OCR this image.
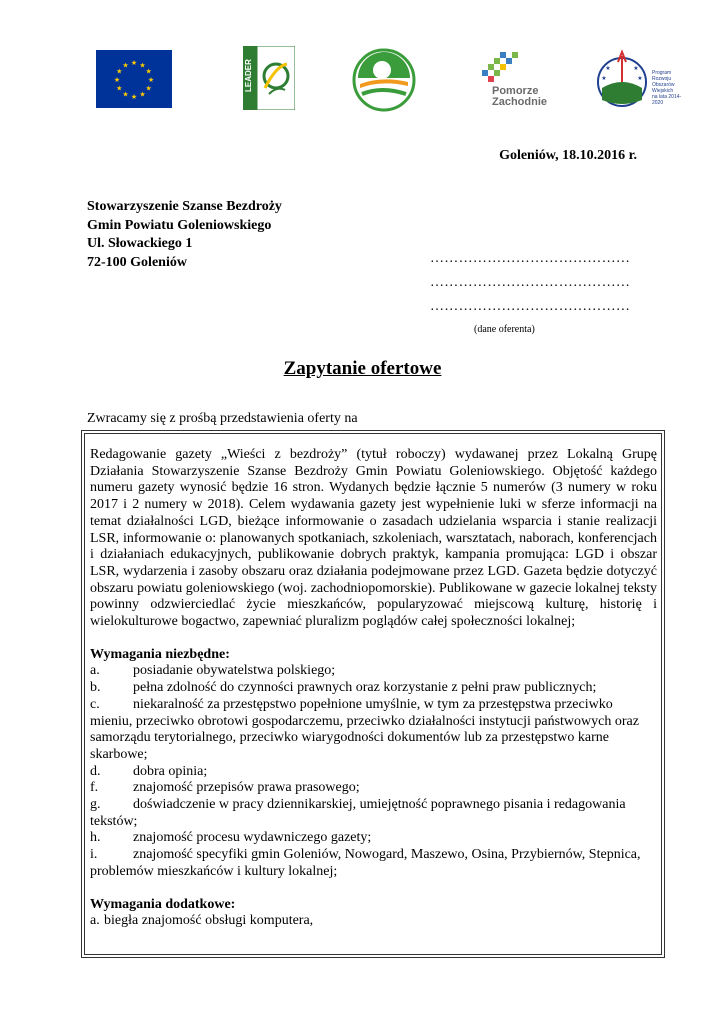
★ ★
★
★
★
★
★
★
★
★
★
★	LEADER	Pomorze
Zachodnie
★	★
★	★
Program
Rozwoju
Obszarów
Wiejskich
na lata 2014-2020
Goleniów, 18.10.2016 r.
Stowarzyszenie Szanse Bezdroży
Gmin Powiatu Goleniowskiego
Ul. Słowackiego 1
72-100 Goleniów	……………………………………
……………………………………
……………………………………
(dane oferenta)
Zapytanie ofertowe
Zwracamy się z prośbą przedstawienia oferty na

Redagowanie gazety „Wieści z bezdroży” (tytuł roboczy) wydawanej przez Lokalną Grupę Działania Stowarzyszenie Szanse Bezdroży Gmin Powiatu Goleniowskiego. Objętość każdego numeru gazety wynosić będzie 16 stron. Wydanych będzie łącznie 5 numerów (3 numery w roku 2017 i 2 numery w 2018). Celem wydawania gazety jest wypełnienie luki w sferze informacji na temat działalności LGD, bieżące informowanie o zasadach udzielania wsparcia i stanie realizacji LSR, informowanie o: planowanych spotkaniach, szkoleniach, warsztatach, naborach, konferencjach i działaniach edukacyjnych, publikowanie dobrych praktyk, kampania promująca: LGD i obszar LSR, wydarzenia i zasoby obszaru oraz działania podejmowane przez LGD. Gazeta będzie dotyczyć obszaru powiatu goleniowskiego (woj. zachodniopomorskie). Publikowane w gazecie lokalnej teksty powinny odzwierciedlać życie mieszkańców, popularyzować miejscową kulturę, historię i wielokulturowe bogactwo, zapewniać pluralizm poglądów całej społeczności lokalnej;

Wymagania niezbędne:
a.	posiadanie obywatelstwa polskiego;
b.	pełna zdolność do czynności prawnych oraz korzystanie z pełni praw publicznych;
c. niekaralność za przestępstwo popełnione umyślnie, w tym za przestępstwa przeciwko mieniu, przeciwko obrotowi gospodarczemu, przeciwko działalności instytucji państwowych oraz samorządu terytorialnego, przeciwko wiarygodności dokumentów lub za przestępstwo karne skarbowe;
d.	dobra opinia;
f.	znajomość przepisów prawa prasowego;
g. doświadczenie w pracy dziennikarskiej, umiejętność poprawnego pisania i redagowania tekstów;
h.	znajomość procesu wydawniczego gazety;
i.	znajomość specyfiki gmin Goleniów, Nowogard, Maszewo, Osina, Przybiernów, Stepnica, problemów mieszkańców i kultury lokalnej;
Wymagania dodatkowe:
a. biegła znajomość obsługi komputera,
